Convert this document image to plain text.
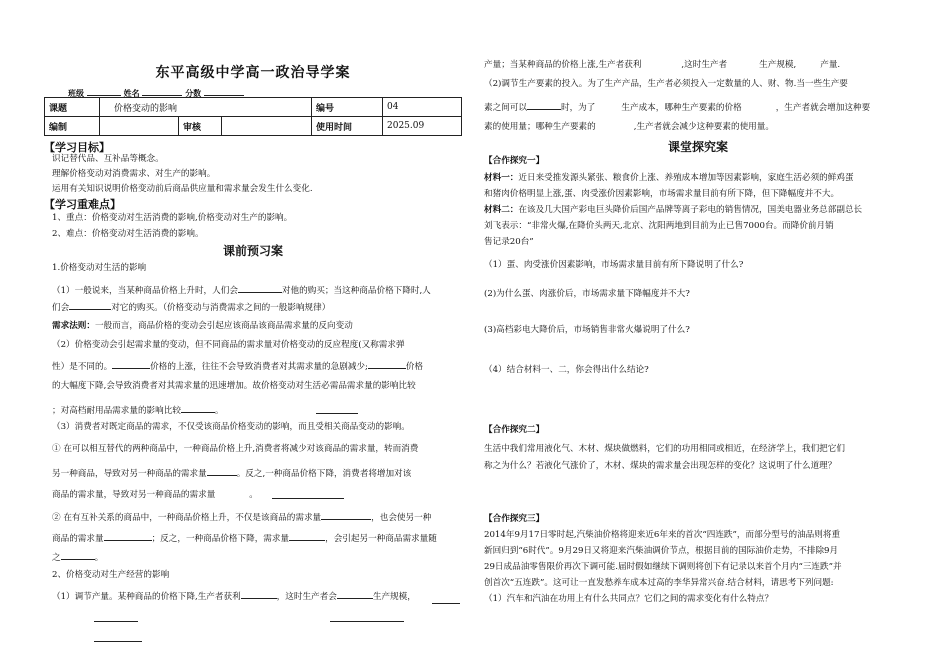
东平高级中学高一政治导学案
班级	姓名	分数
课题	价格变动的影响			编号	04
编制		审核		使用时间	2025.09
【学习目标】
识记替代品、互补品等概念。
理解价格变动对消费需求、对生产的影响。
运用有关知识说明价格变动前后商品供应量和需求量会发生什么变化.
【学习重难点】
1、重点：价格变动对生活消费的影响,价格变动对生产的影响。
2、难点：价格变动对生活消费的影响。
课前预习案
1.价格变动对生活的影响
（1）一般说来，当某种商品价格上升时，人们会	对他的购买；当这种商品价格下降时,人
们会	对它的购买。（价格变动与消费需求之间的一般影响规律）
需求法则：一般而言，商品价格的变动会引起应该商品该商品需求量的反向变动
（2）价格变动会引起需求量的变动，但不同商品的需求量对价格变动的反应程度(又称需求弹
性）是不同的。	价格的上涨，往往不会导致消费者对其需求量的急剧减少;	价格
的大幅度下降,会导致消费者对其需求量的迅速增加。故价格变动对生活必需品需求量的影响比较
；对高档耐用品需求量的影响比较	。
（3）消费者对既定商品的需求，不仅受该商品价格变动的影响，而且受相关商品变动的影响。
① 在可以相互替代的两种商品中，一种商品价格上升,消费者将减少对该商品的需求量，转而消费
另一种商品，导致对另一种商品的需求量	。反之,一种商品价格下降，消费者将增加对该
商品的需求量，导致对另一种商品的需求量	。
② 在有互补关系的商品中，一种商品价格上升，不仅是该商品的需求量	，也会使另一种
商品的需求量	；反之，一种商品价格下降，需求量	，会引起另一种商品需求量随
之	。
2、价格变动对生产经营的影响
（1）调节产量。某种商品的价格下降,生产者获利	，这时生产者会	生产规模，
产量；当某种商品的价格上涨,生产者获利	,这时生产者	生产规模,	产量.
（2)调节生产要素的投入。为了生产产品，生产者必须投入一定数量的人、财、物.当一些生产要
素之间可以	时，为了	生产成本，哪种生产要素的价格	，生产者就会增加这种要
素的使用量；哪种生产要素的	,生产者就会减少这种要素的使用量。
课堂探究案
【合作探究一】
材料一：近日来受推发源头紧张、粮食价上涨、养殖成本增加等因素影响，家庭生活必须的鲜鸡蛋
和猪肉价格明显上涨,蛋、肉受涨价因素影响，市场需求量目前有所下降，但下降幅度并不大。
材料二：在该及几大国产彩电巨头降价后国产品牌等离子彩电的销售情况，国美电器业务总部副总长
刘飞表示：“非常火爆,在降价头两天,北京、沈阳两地到目前为止已售7000台。而降价前月销
售记录20台”
（1）蛋、肉受涨价因素影响，市场需求量目前有所下降说明了什么?
(2)为什么蛋、肉涨价后，市场需求量下降幅度并不大?
(3)高档彩电大降价后，市场销售非常火爆说明了什么?
（4）结合材料一、二，你会得出什么结论?
【合作探究二】
生活中我们常用液化气、木材、煤块做燃料，它们的功用相同或相近，在经济学上，我们把它们
称之为什么？若液化气涨价了，木材、煤块的需求量会出现怎样的变化？这说明了什么道理？
【合作探究三】
2014年9月17日零时起,汽柴油价格将迎来近6年来的首次“四连跌”，而部分型号的油品则将重
新回归到“6时代”。9月29日又将迎来汽柴油调价节点，根据目前的国际油价走势，不排除9月
29日成品油零售限价再次下调可能.届时假如继续下调则将创下有记录以来首个月内“三连跌”并
创首次“五连跌”。这可让一直发愁养车成本过高的李华异常兴奋.结合材料，请思考下列问题:
（1）汽车和汽油在功用上有什么共同点？它们之间的需求变化有什么特点？
